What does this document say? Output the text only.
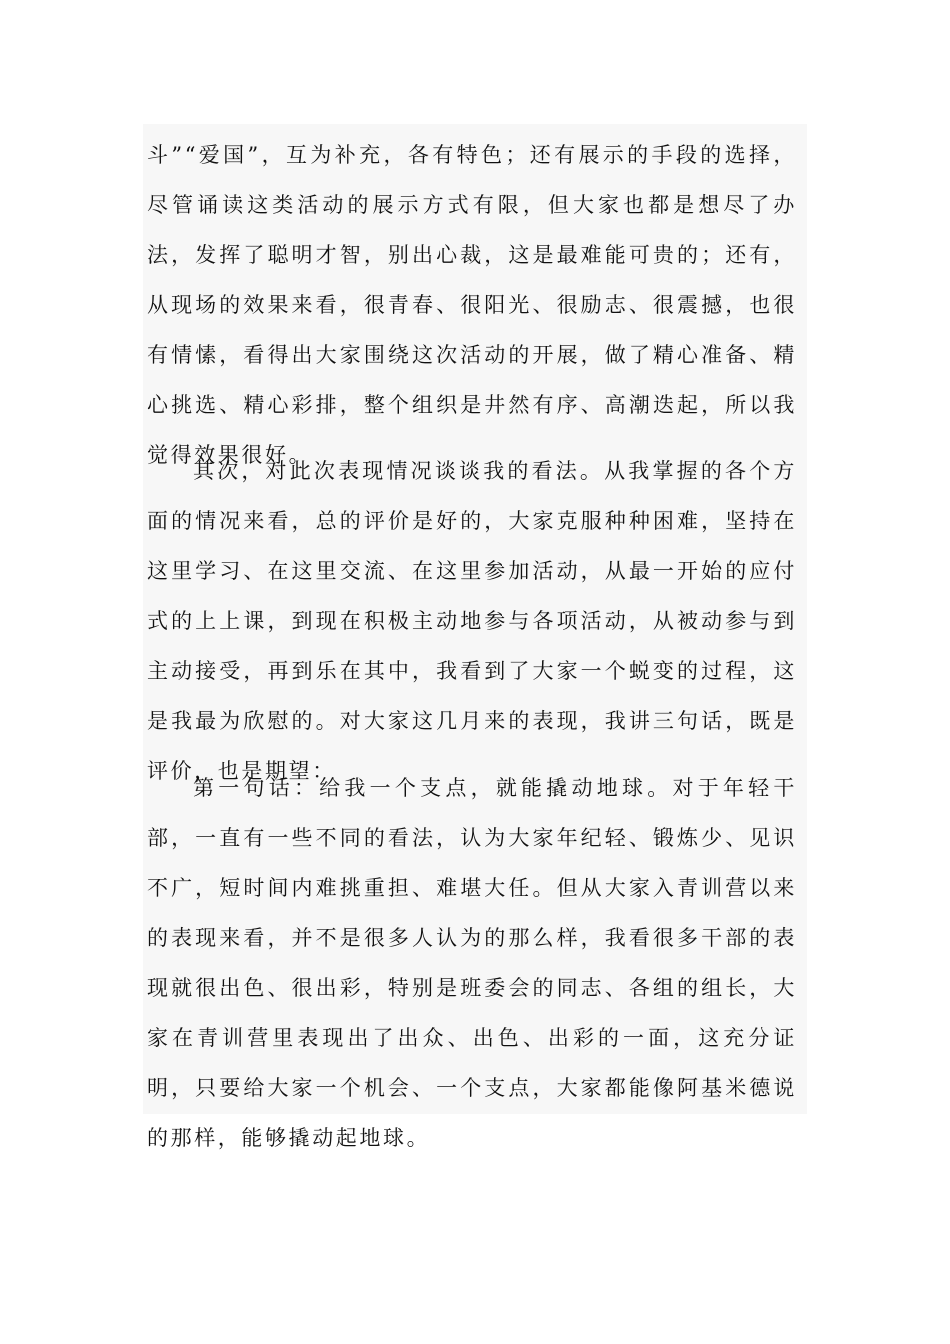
斗”“爱国”，互为补充，各有特色；还有展示的手段的选择，尽管诵读这类活动的展示方式有限，但大家也都是想尽了办法，发挥了聪明才智，别出心裁，这是最难能可贵的；还有，从现场的效果来看，很青春、很阳光、很励志、很震撼，也很有情愫，看得出大家围绕这次活动的开展，做了精心准备、精心挑选、精心彩排，整个组织是井然有序、高潮迭起，所以我觉得效果很好。

其次，对此次表现情况谈谈我的看法。从我掌握的各个方面的情况来看，总的评价是好的，大家克服种种困难，坚持在这里学习、在这里交流、在这里参加活动，从最一开始的应付式的上上课，到现在积极主动地参与各项活动，从被动参与到主动接受，再到乐在其中，我看到了大家一个蜕变的过程，这是我最为欣慰的。对大家这几月来的表现，我讲三句话，既是评价，也是期望：

第一句话：给我一个支点，就能撬动地球。对于年轻干部，一直有一些不同的看法，认为大家年纪轻、锻炼少、见识不广，短时间内难挑重担、难堪大任。但从大家入青训营以来的表现来看，并不是很多人认为的那么样，我看很多干部的表现就很出色、很出彩，特别是班委会的同志、各组的组长，大家在青训营里表现出了出众、出色、出彩的一面，这充分证明，只要给大家一个机会、一个支点，大家都能像阿基米德说的那样，能够撬动起地球。
